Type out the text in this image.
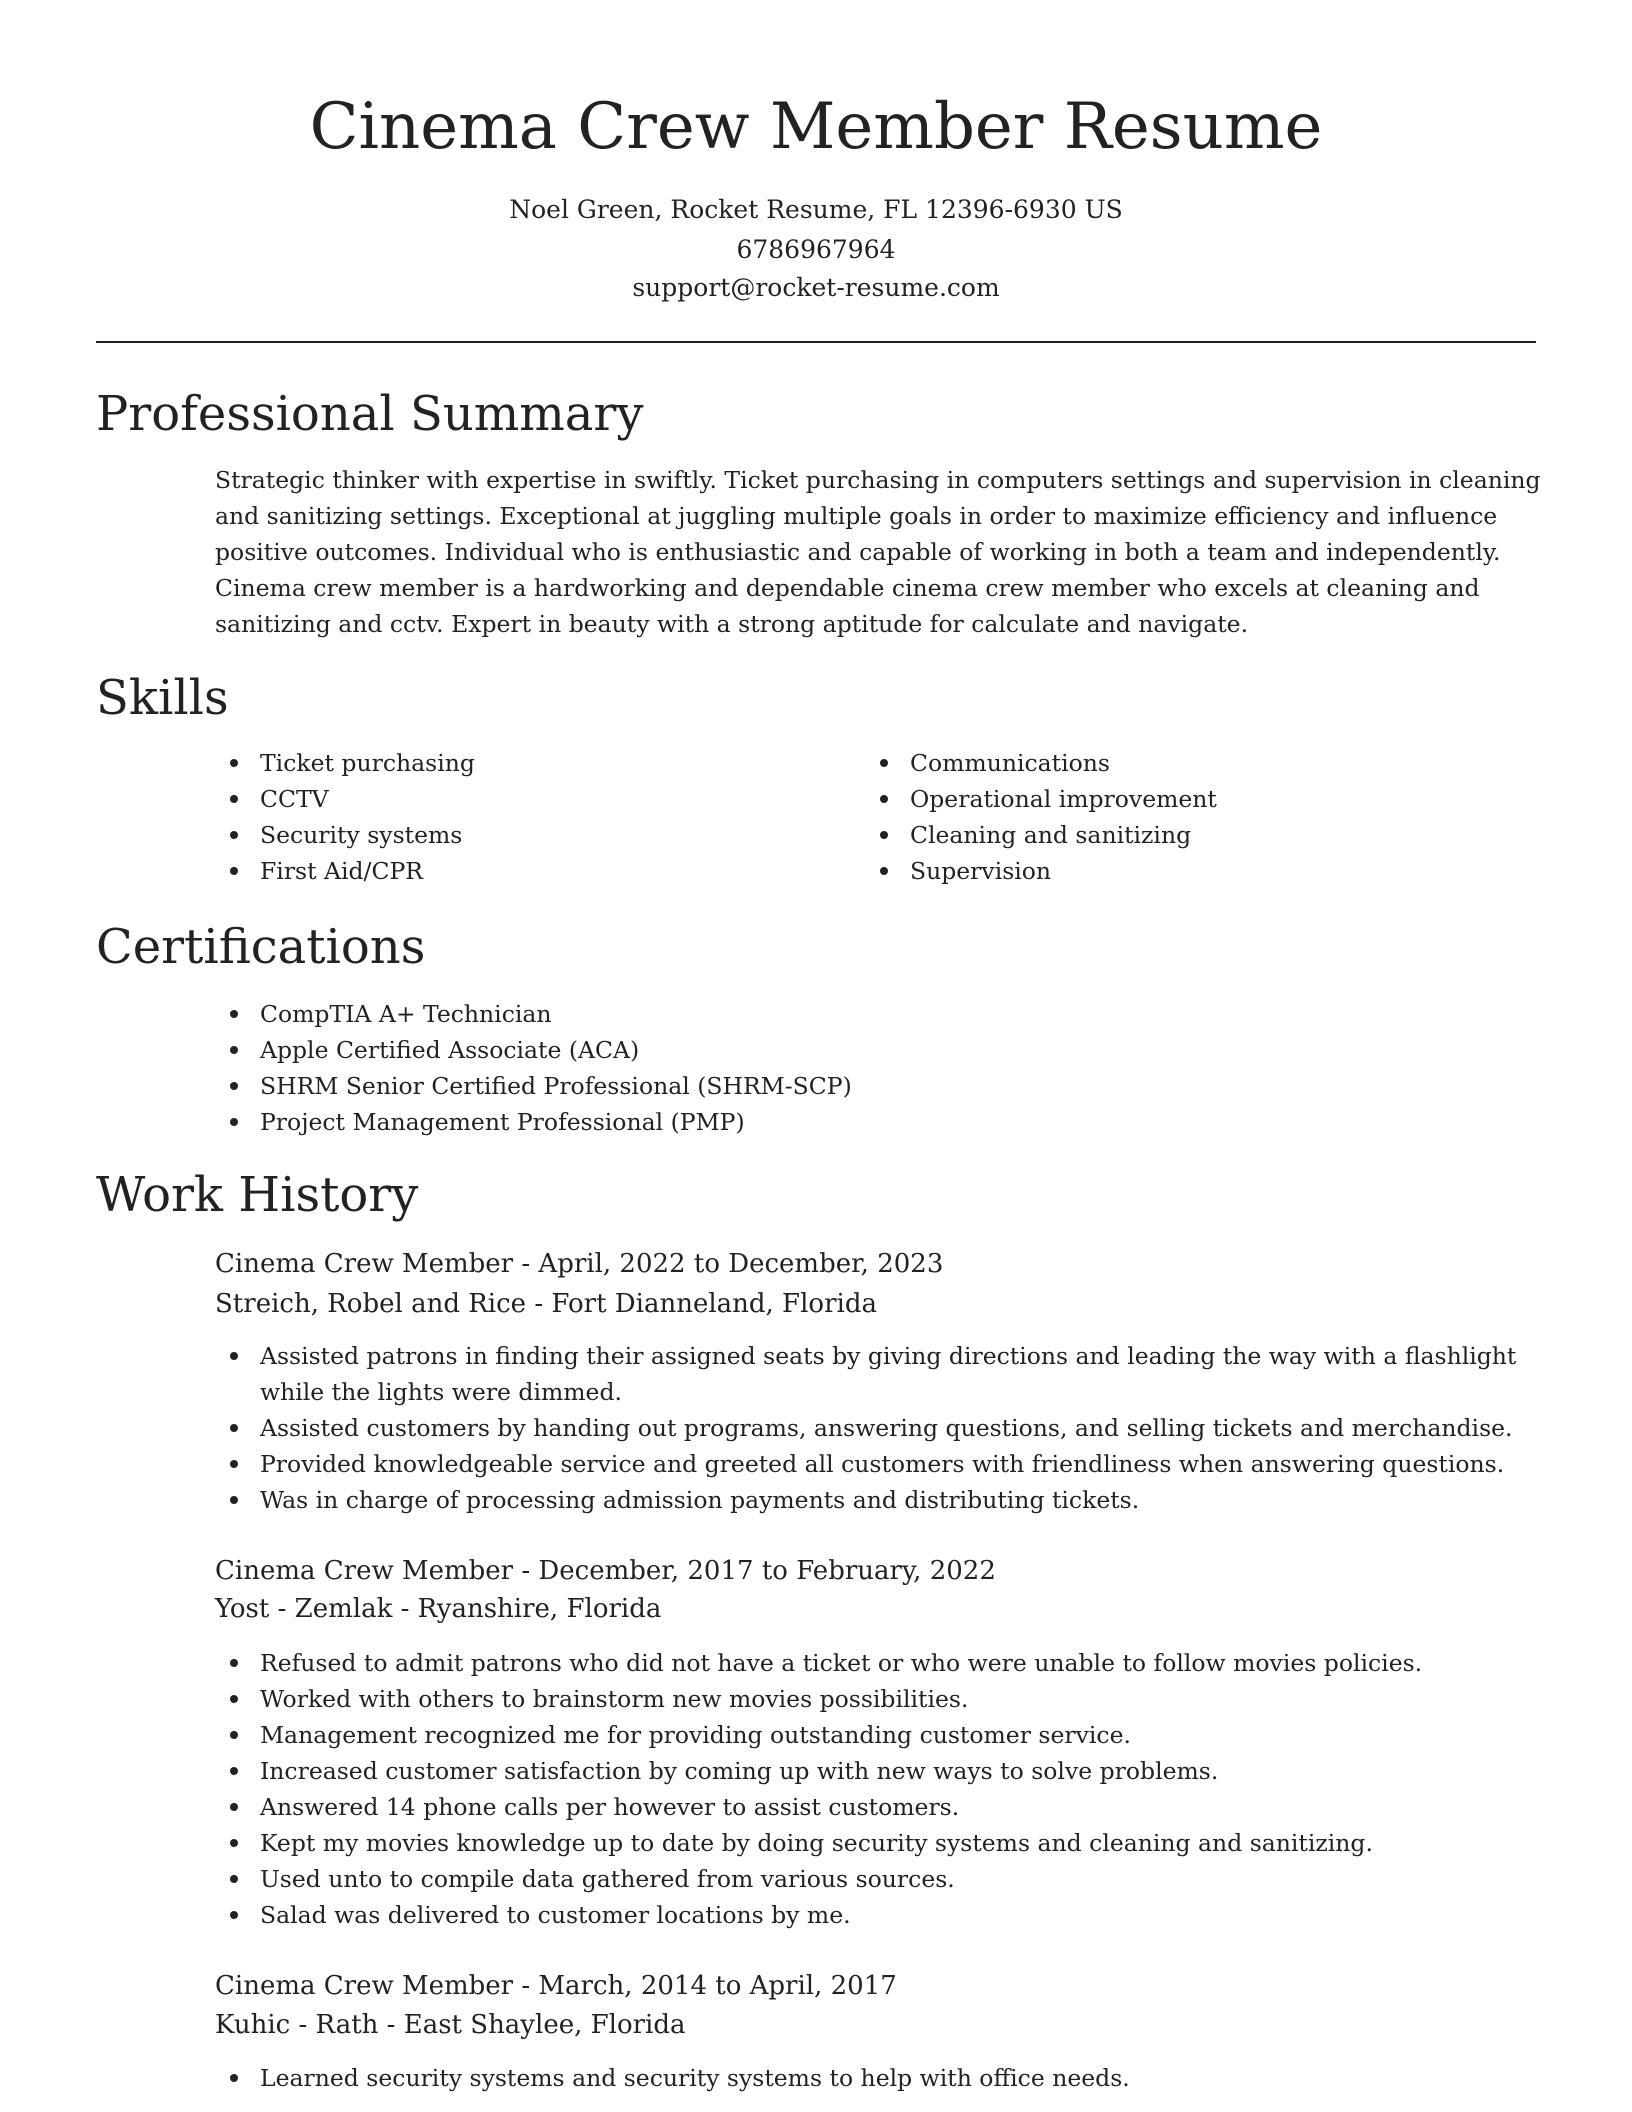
Cinema Crew Member Resume

Noel Green, Rocket Resume, FL 12396-6930 US

6786967964

support@rocket-resume.com

Professional Summary

Strategic thinker with expertise in swiftly. Ticket purchasing in computers settings and supervision in cleaning and sanitizing settings. Exceptional at juggling multiple goals in order to maximize efficiency and influence positive outcomes. Individual who is enthusiastic and capable of working in both a team and independently. Cinema crew member is a hardworking and dependable cinema crew member who excels at cleaning and sanitizing and cctv. Expert in beauty with a strong aptitude for calculate and navigate.

Skills
Ticket purchasing
CCTV
Security systems
First Aid/CPR
Communications
Operational improvement
Cleaning and sanitizing
Supervision
Certifications
CompTIA A+ Technician
Apple Certified Associate (ACA)
SHRM Senior Certified Professional (SHRM-SCP)
Project Management Professional (PMP)
Work History

Cinema Crew Member - April, 2022 to December, 2023

Streich, Robel and Rice - Fort Dianneland, Florida

Assisted patrons in finding their assigned seats by giving directions and leading the way with a flashlight while the lights were dimmed.
Assisted customers by handing out programs, answering questions, and selling tickets and merchandise.
Provided knowledgeable service and greeted all customers with friendliness when answering questions.
Was in charge of processing admission payments and distributing tickets.

Cinema Crew Member - December, 2017 to February, 2022

Yost - Zemlak - Ryanshire, Florida

Refused to admit patrons who did not have a ticket or who were unable to follow movies policies.
Worked with others to brainstorm new movies possibilities.
Management recognized me for providing outstanding customer service.
Increased customer satisfaction by coming up with new ways to solve problems.
Answered 14 phone calls per however to assist customers.
Kept my movies knowledge up to date by doing security systems and cleaning and sanitizing.
Used unto to compile data gathered from various sources.
Salad was delivered to customer locations by me.

Cinema Crew Member - March, 2014 to April, 2017

Kuhic - Rath - East Shaylee, Florida

Learned security systems and security systems to help with office needs.
